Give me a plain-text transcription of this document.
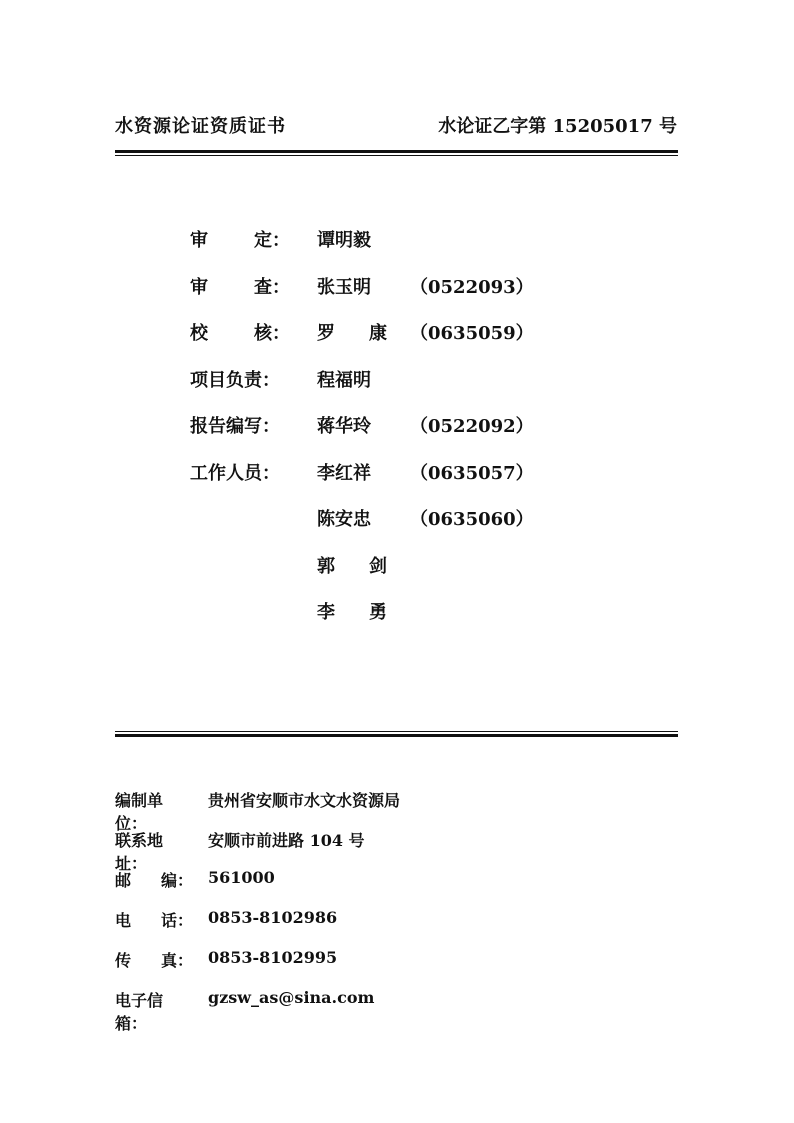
水资源论证资质证书	水论证乙字第 15205017 号
审	定： 谭明毅
审	查： 张玉明 （0522093）
校	核： 罗 康 （0635059）
项目负责： 程福明
报告编写： 蒋华玲 （0522092）
工作人员： 李红祥 （0635057）
陈安忠 （0635060）
郭 剑
李 勇
编制单位：
贵州省安顺市水文水资源局
联系地址：
安顺市前进路 104 号
邮 编： 561000
电 话： 0853-8102986
传 真： 0853-8102995
电子信箱：
gzsw_as@sina.com
